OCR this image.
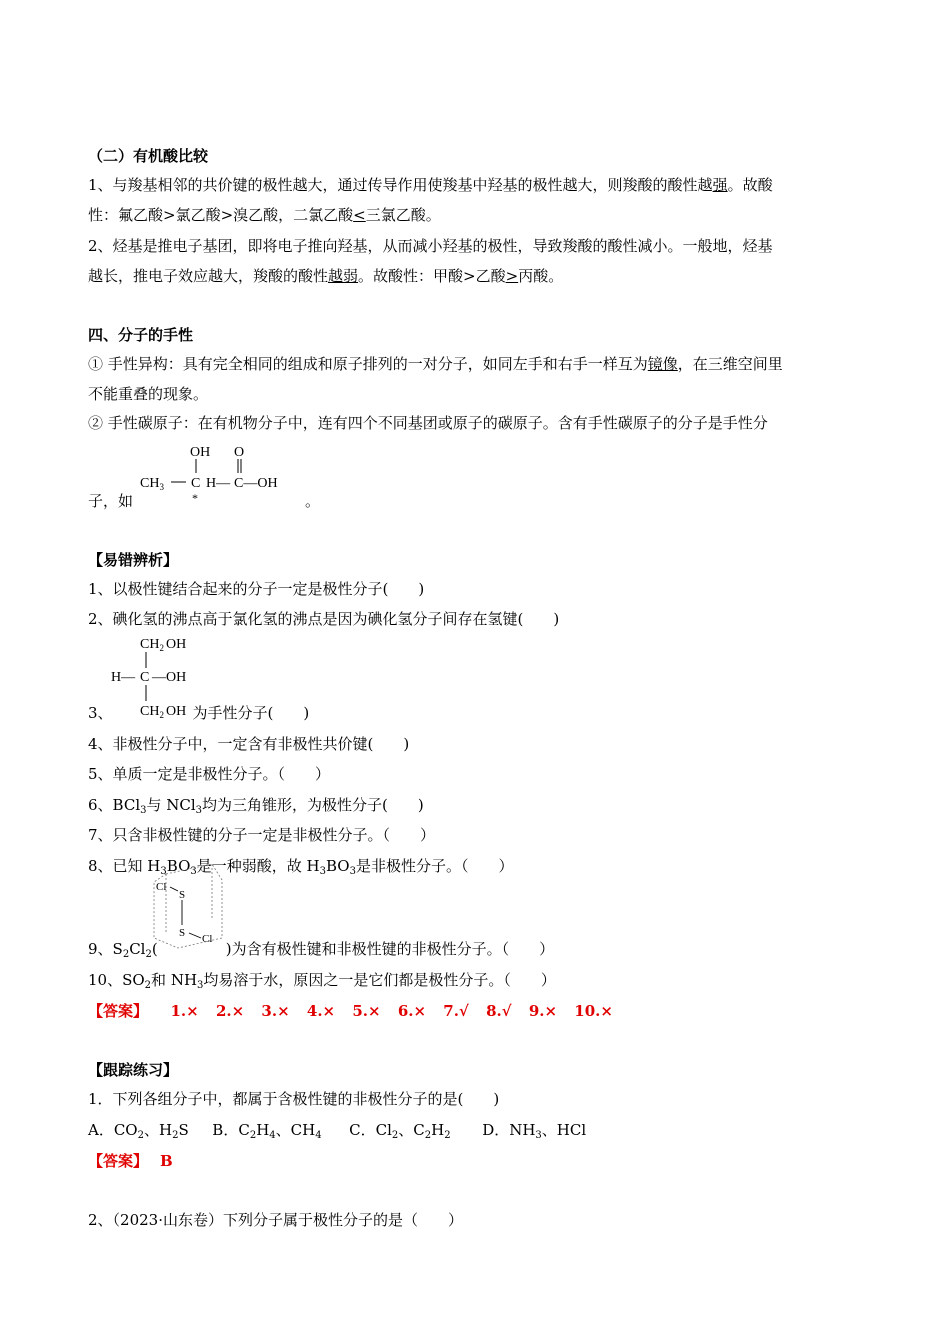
（二）有机酸比较
1、与羧基相邻的共价键的极性越大，通过传导作用使羧基中羟基的极性越大，则羧酸的酸性越强。故酸
性：氟乙酸>氯乙酸>溴乙酸，二氯乙酸<三氯乙酸。
2、烃基是推电子基团，即将电子推向羟基，从而减小羟基的极性，导致羧酸的酸性减小。一般地，烃基
越长，推电子效应越大，羧酸的酸性越弱。故酸性：甲酸>乙酸>丙酸。
四、分子的手性
① 手性异构：具有完全相同的组成和原子排列的一对分子，如同左手和右手一样互为镜像，在三维空间里
不能重叠的现象。
② 手性碳原子：在有机物分子中，连有四个不同基团或原子的碳原子。含有手性碳原子的分子是手性分
子，如	。
OH O
$CH_3$ C H— C—OH
*
【易错辨析】
1、以极性键结合起来的分子一定是极性分子(　　)
2、碘化氢的沸点高于氯化氢的沸点是因为碘化氢分子间存在氢键(　　)
$CH_2$ OH
H— C —OH
$CH_2$ OH
3、	为手性分子(　　)
4、非极性分子中，一定含有非极性共价键(　　)
5、单质一定是非极性分子。（　　）
6、BCl$_3$与 NCl$_3$均为三角锥形，为极性分子(　　)
7、只含非极性键的分子一定是非极性分子。（　　）
8、已知 $H_3BO_3$是一种弱酸，故 $H_3BO_3$是非极性分子。（　　）
Cl
S
S Cl
9、$S_2Cl_2$(	)为含有极性键和非极性键的非极性分子。（　　）
10、$SO_2$和 $NH_3$均易溶于水，原因之一是它们都是极性分子。（　　）
【答案】 1.× 2.× 3.× 4.× 5.× 6.× 7.√ 8.√ 9.× 10.×
【跟踪练习】
1．下列各组分子中，都属于含极性键的非极性分子的是(　　)
A．$CO_2$、$H_2S$ B．$C_2H_4$、$CH_4$ C．$Cl_2$、$C_2H_2$ D．$NH_3$、HCl
【答案】 B
2、（2023·山东卷）下列分子属于极性分子的是（　　）
